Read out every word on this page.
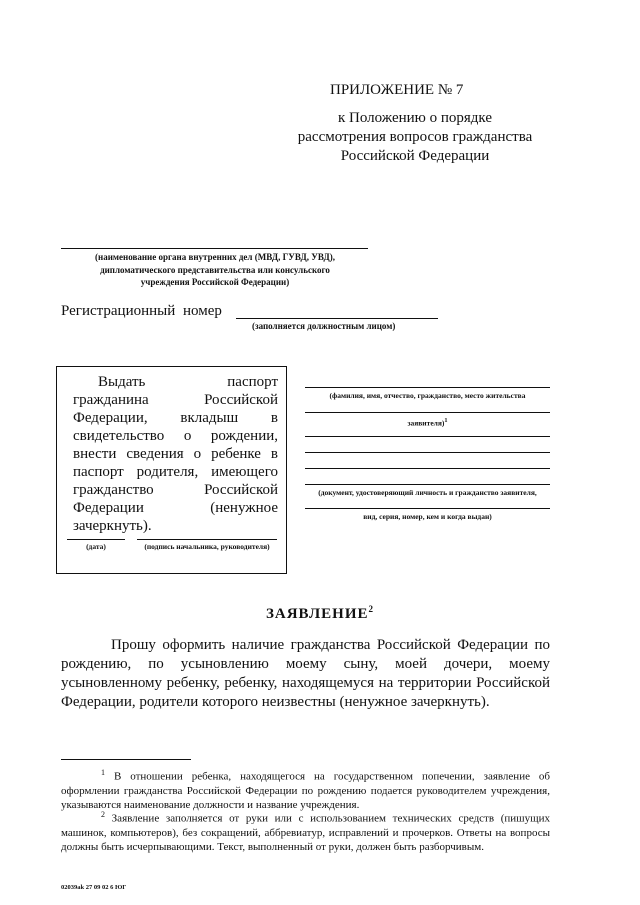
ПРИЛОЖЕНИЕ № 7
к Положению о порядке
рассмотрения вопросов гражданства
Российской Федерации
(наименование органа внутренних дел (МВД, ГУВД, УВД),
дипломатического представительства или консульского
учреждения Российской Федерации)
Регистрационный номер
(заполняется должностным лицом)
Выдать паспорт гражданина Российской Федерации, вкладыш в свидетельство о рождении, внести сведения о ребенке в паспорт родителя, имеющего гражданство Российской Федерации (ненужное зачеркнуть).
(дата)	(подпись начальника, руководителя)
(фамилия, имя, отчество, гражданство, место жительства
заявителя)$^1$
(документ, удостоверяющий личность и гражданство заявителя,
вид, серия, номер, кем и когда выдан)
ЗАЯВЛЕНИЕ$^2$
Прошу оформить наличие гражданства Российской Федерации по рождению, по усыновлению моему сыну, моей дочери, моему усыновленному ребенку, ребенку, находящемуся на территории Российской Федерации, родители которого неизвестны (ненужное зачеркнуть).
$^1$ В отношении ребенка, находящегося на государственном попечении, заявление об оформлении гражданства Российской Федерации по рождению подается руководителем учреждения, указываются наименование должности и название учреждения.
$^2$ Заявление заполняется от руки или с использованием технических средств (пишущих машинок, компьютеров), без сокращений, аббревиатур, исправлений и прочерков. Ответы на вопросы должны быть исчерпывающими. Текст, выполненный от руки, должен быть разборчивым.
02039ak 27 09 02 6 ЮГ
